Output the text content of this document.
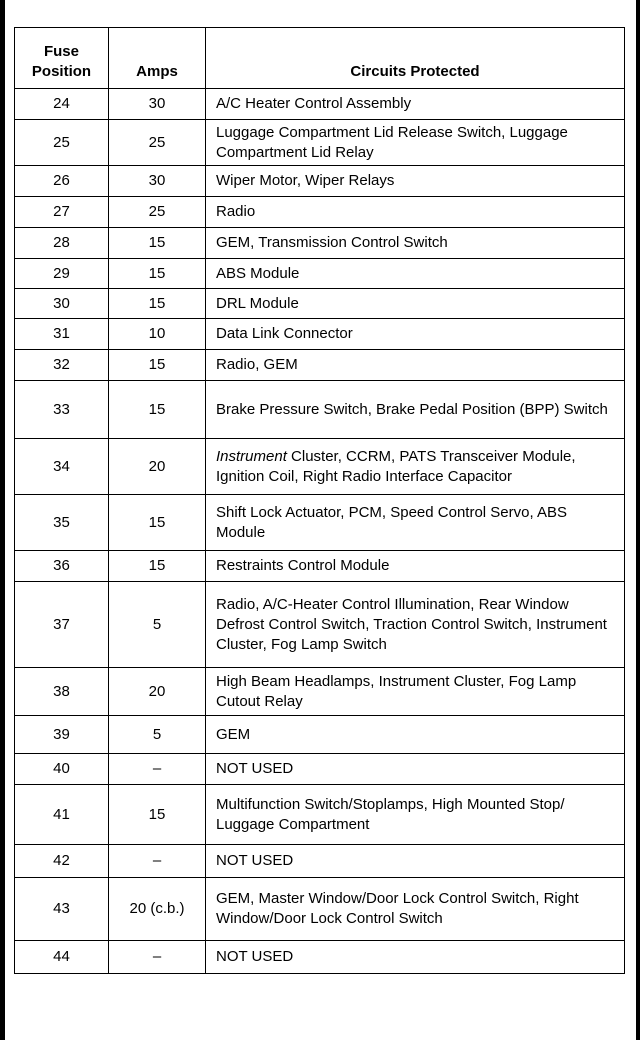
Fuse
Position	Amps	Circuits Protected
24	30	A/C Heater Control Assembly
25	25	Luggage Compartment Lid Release Switch, Luggage Compartment Lid Relay
26	30	Wiper Motor, Wiper Relays
27	25	Radio
28	15	GEM, Transmission Control Switch
29	15	ABS Module
30	15	DRL Module
31	10	Data Link Connector
32	15	Radio, GEM
33	15	Brake Pressure Switch, Brake Pedal Position (BPP) Switch
34	20	Instrument Cluster, CCRM, PATS Transceiver Module, Ignition Coil, Right Radio Interface Capacitor
35	15	Shift Lock Actuator, PCM, Speed Control Servo, ABS Module
36	15	Restraints Control Module
37	5	Radio, A/C-Heater Control Illumination, Rear Window Defrost Control Switch, Traction Control Switch, Instrument Cluster, Fog Lamp Switch
38	20	High Beam Headlamps, Instrument Cluster, Fog Lamp Cutout Relay
39	5	GEM
40	–	NOT USED
41	15	Multifunction Switch/Stoplamps, High Mounted Stop/ Luggage Compartment
42	–	NOT USED
43	20 (c.b.)	GEM, Master Window/Door Lock Control Switch, Right Window/Door Lock Control Switch
44	–	NOT USED
